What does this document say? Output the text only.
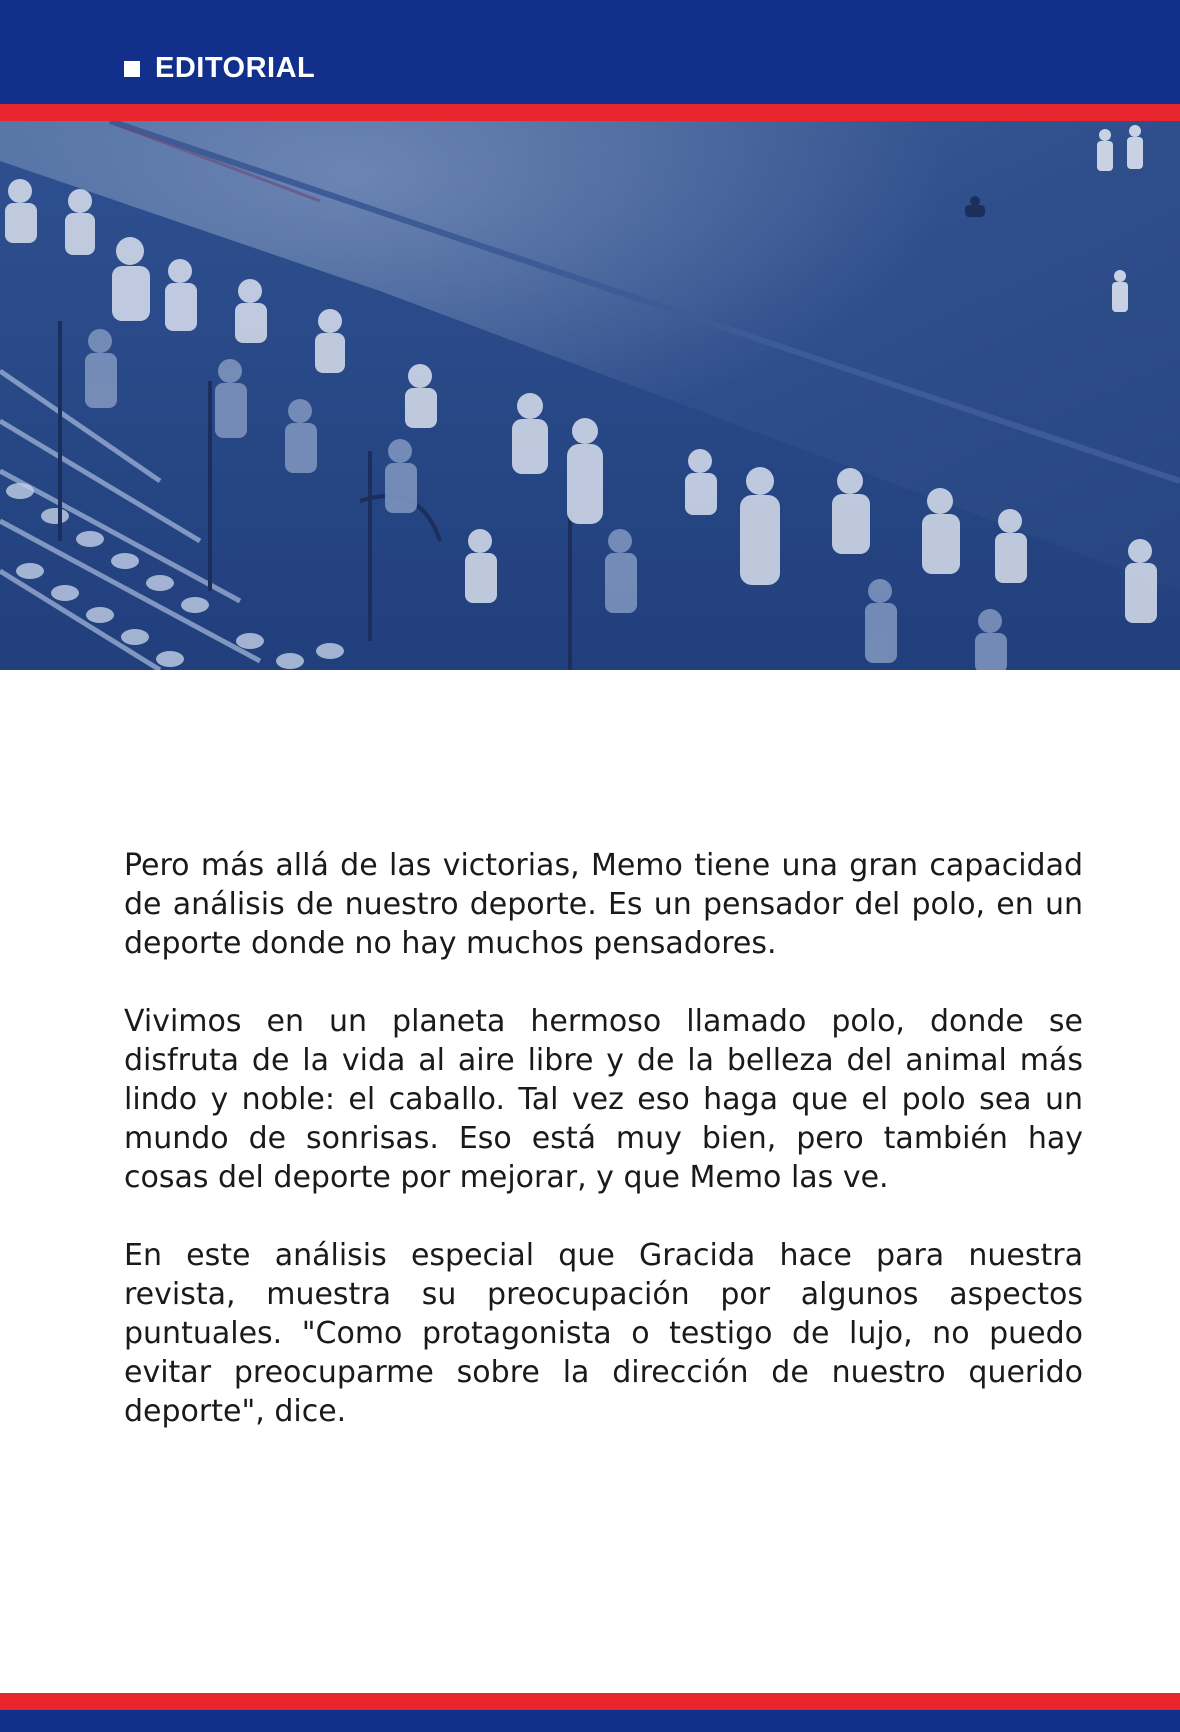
EDITORIAL

Pero más allá de las victorias, Memo tiene una gran capacidad de análisis de nuestro deporte. Es un pensador del polo, en un deporte donde no hay muchos pensadores.

Vivimos en un planeta hermoso llamado polo, donde se disfruta de la vida al aire libre y de la belleza del animal más lindo y noble: el caballo. Tal vez eso haga que el polo sea un mundo de sonrisas. Eso está muy bien, pero también hay cosas del deporte por mejorar, y que Memo las ve.

En este análisis especial que Gracida hace para nuestra revista, muestra su preocupación por algunos aspectos puntuales. "Como protagonista o testigo de lujo, no puedo evitar preocuparme sobre la dirección de nuestro querido deporte", dice.
